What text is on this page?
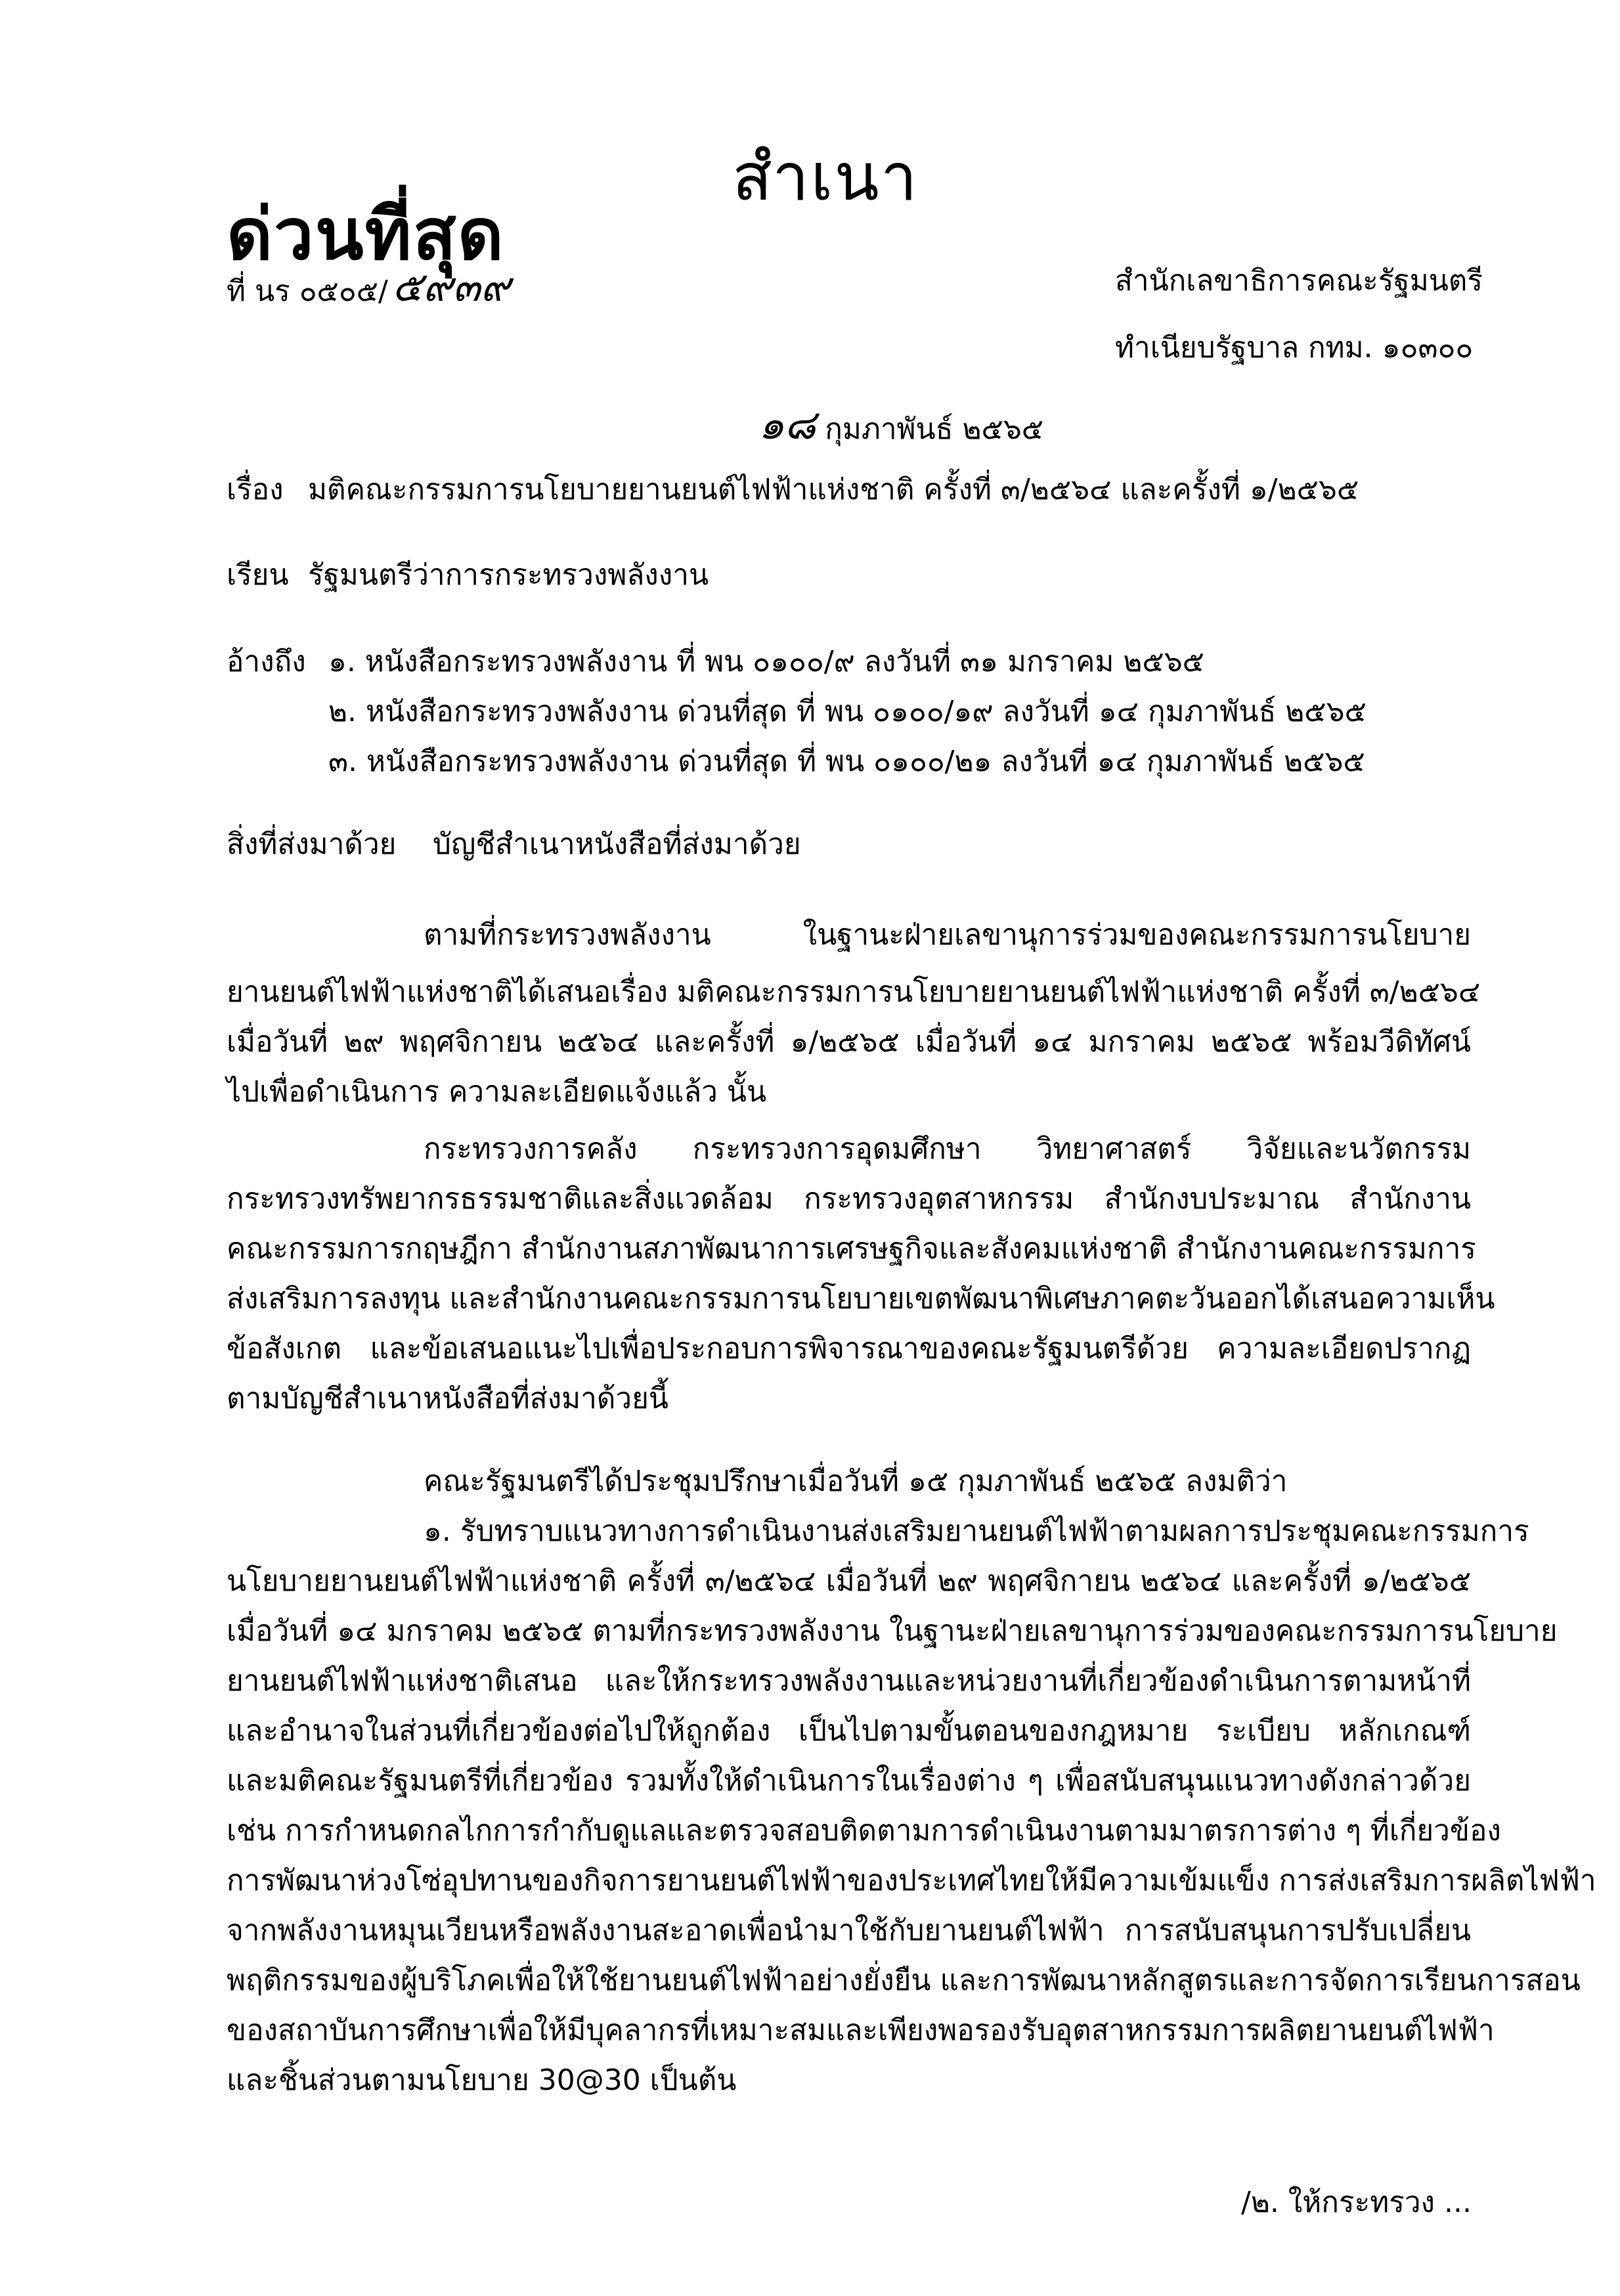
สำเนา
ด่วนที่สุด
ที่ นร ๐๕๐๕/๕๙๓๙	สำนักเลขาธิการคณะรัฐมนตรี
ทำเนียบรัฐบาล กทม. ๑๐๓๐๐
๑๘ กุมภาพันธ์ ๒๕๖๕
เรื่อง มติคณะกรรมการนโยบายยานยนต์ไฟฟ้าแห่งชาติ ครั้งที่ ๓/๒๕๖๔ และครั้งที่ ๑/๒๕๖๕
เรียน รัฐมนตรีว่าการกระทรวงพลังงาน
อ้างถึง ๑. หนังสือกระทรวงพลังงาน ที่ พน ๐๑๐๐/๙ ลงวันที่ ๓๑ มกราคม ๒๕๖๕
๒. หนังสือกระทรวงพลังงาน ด่วนที่สุด ที่ พน ๐๑๐๐/๑๙ ลงวันที่ ๑๔ กุมภาพันธ์ ๒๕๖๕
๓. หนังสือกระทรวงพลังงาน ด่วนที่สุด ที่ พน ๐๑๐๐/๒๑ ลงวันที่ ๑๔ กุมภาพันธ์ ๒๕๖๕
สิ่งที่ส่งมาด้วย บัญชีสำเนาหนังสือที่ส่งมาด้วย
ตามที่กระทรวงพลังงาน ในฐานะฝ่ายเลขานุการร่วมของคณะกรรมการนโยบาย
ยานยนต์ไฟฟ้าแห่งชาติได้เสนอเรื่อง มติคณะกรรมการนโยบายยานยนต์ไฟฟ้าแห่งชาติ ครั้งที่ ๓/๒๕๖๔
เมื่อวันที่ ๒๙ พฤศจิกายน ๒๕๖๔ และครั้งที่ ๑/๒๕๖๕ เมื่อวันที่ ๑๔ มกราคม ๒๕๖๕ พร้อมวีดิทัศน์
ไปเพื่อดำเนินการ ความละเอียดแจ้งแล้ว นั้น
กระทรวงการคลัง กระทรวงการอุดมศึกษา วิทยาศาสตร์ วิจัยและนวัตกรรม
กระทรวงทรัพยากรธรรมชาติและสิ่งแวดล้อม กระทรวงอุตสาหกรรม สำนักงบประมาณ สำนักงาน
คณะกรรมการกฤษฎีกา สำนักงานสภาพัฒนาการเศรษฐกิจและสังคมแห่งชาติ สำนักงานคณะกรรมการ
ส่งเสริมการลงทุน และสำนักงานคณะกรรมการนโยบายเขตพัฒนาพิเศษภาคตะวันออกได้เสนอความเห็น
ข้อสังเกต และข้อเสนอแนะไปเพื่อประกอบการพิจารณาของคณะรัฐมนตรีด้วย ความละเอียดปรากฏ
ตามบัญชีสำเนาหนังสือที่ส่งมาด้วยนี้
คณะรัฐมนตรีได้ประชุมปรึกษาเมื่อวันที่ ๑๕ กุมภาพันธ์ ๒๕๖๕ ลงมติว่า
๑. รับทราบแนวทางการดำเนินงานส่งเสริมยานยนต์ไฟฟ้าตามผลการประชุมคณะกรรมการ
นโยบายยานยนต์ไฟฟ้าแห่งชาติ ครั้งที่ ๓/๒๕๖๔ เมื่อวันที่ ๒๙ พฤศจิกายน ๒๕๖๔ และครั้งที่ ๑/๒๕๖๕
เมื่อวันที่ ๑๔ มกราคม ๒๕๖๕ ตามที่กระทรวงพลังงาน ในฐานะฝ่ายเลขานุการร่วมของคณะกรรมการนโยบาย
ยานยนต์ไฟฟ้าแห่งชาติเสนอ และให้กระทรวงพลังงานและหน่วยงานที่เกี่ยวข้องดำเนินการตามหน้าที่
และอำนาจในส่วนที่เกี่ยวข้องต่อไปให้ถูกต้อง เป็นไปตามขั้นตอนของกฎหมาย ระเบียบ หลักเกณฑ์
และมติคณะรัฐมนตรีที่เกี่ยวข้อง รวมทั้งให้ดำเนินการในเรื่องต่าง ๆ เพื่อสนับสนุนแนวทางดังกล่าวด้วย
เช่น การกำหนดกลไกการกำกับดูแลและตรวจสอบติดตามการดำเนินงานตามมาตรการต่าง ๆ ที่เกี่ยวข้อง
การพัฒนาห่วงโซ่อุปทานของกิจการยานยนต์ไฟฟ้าของประเทศไทยให้มีความเข้มแข็ง การส่งเสริมการผลิตไฟฟ้า
จากพลังงานหมุนเวียนหรือพลังงานสะอาดเพื่อนำมาใช้กับยานยนต์ไฟฟ้า การสนับสนุนการปรับเปลี่ยน
พฤติกรรมของผู้บริโภคเพื่อให้ใช้ยานยนต์ไฟฟ้าอย่างยั่งยืน และการพัฒนาหลักสูตรและการจัดการเรียนการสอน
ของสถาบันการศึกษาเพื่อให้มีบุคลากรที่เหมาะสมและเพียงพอรองรับอุตสาหกรรมการผลิตยานยนต์ไฟฟ้า
และชิ้นส่วนตามนโยบาย 30@30 เป็นต้น
/๒. ให้กระทรวง ...
